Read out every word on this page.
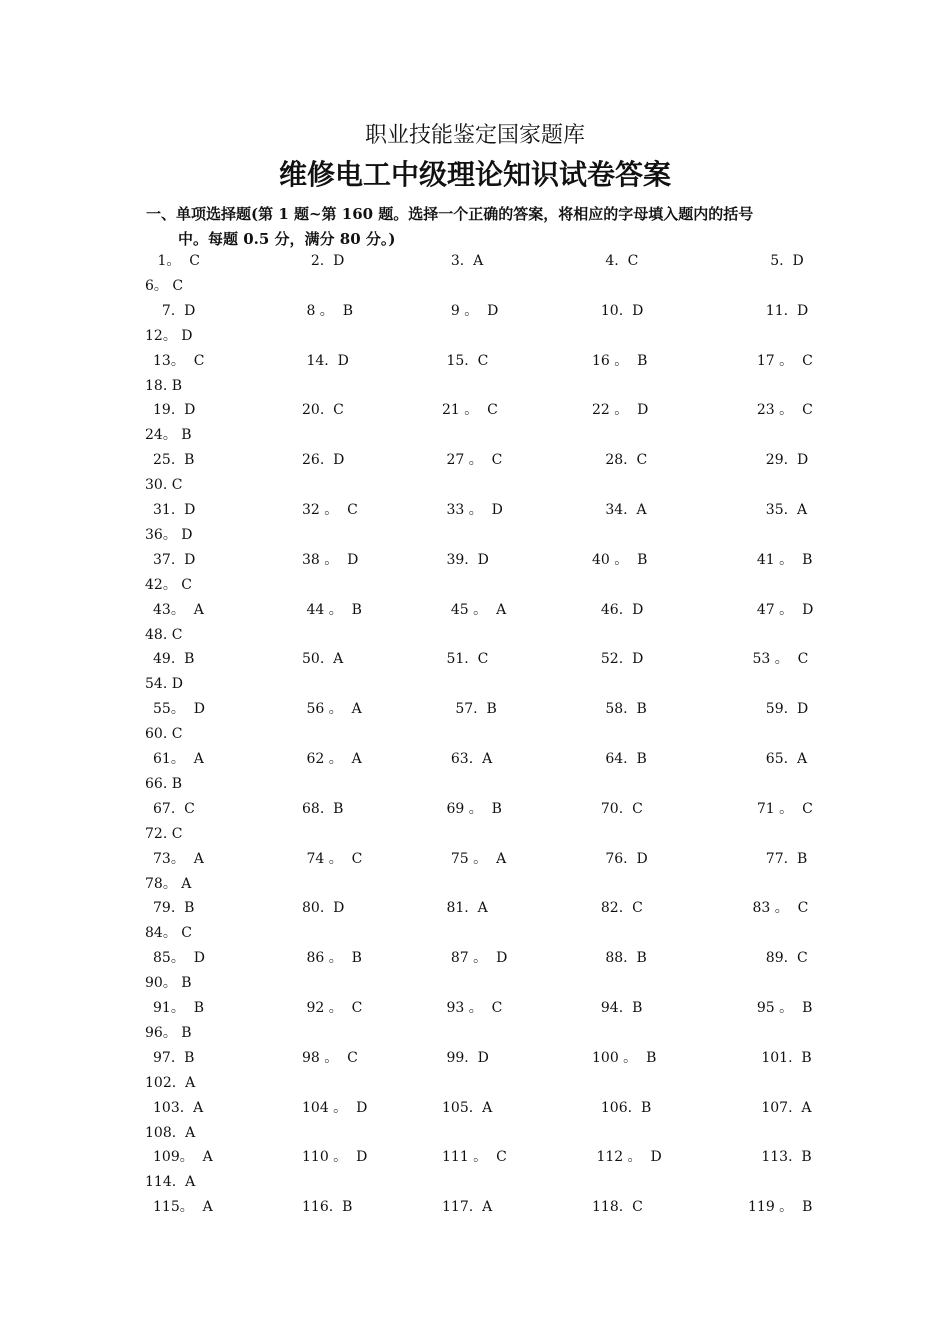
职业技能鉴定国家题库
维修电工中级理论知识试卷答案
一、单项选择题(第 1 题~第 160 题。选择一个正确的答案，将相应的字母填入题内的括号
中。每题 0.5 分，满分 80 分。)
1。  C	2.  D	3.  A	4.  C	5.  D
6。 C
7.  D	8 。  B	9 。  D	10.  D	11.  D
12。 D
13。  C	14.  D	15.  C	16 。  B	17 。  C
18. B
19.  D	20.  C	21 。  C	22 。  D	23 。  C
24。 B
25.  B	26.  D	27 。  C	28.  C	29.  D
30. C
31.  D	32 。  C	33 。  D	34.  A	35.  A
36。 D
37.  D	38 。  D	39.  D	40 。  B	41 。  B
42。 C
43。  A	44 。  B	45 。  A	46.  D	47 。  D
48. C
49.  B	50.  A	51.  C	52.  D	53 。  C
54. D
55。  D	56 。  A	57.  B	58.  B	59.  D
60. C
61。  A	62 。  A	63.  A	64.  B	65.  A
66. B
67.  C	68.  B	69 。  B	70.  C	71 。  C
72. C
73。  A	74 。  C	75 。  A	76.  D	77.  B
78。 A
79.  B	80.  D	81.  A	82.  C	83 。  C
84。 C
85。  D	86 。  B	87 。  D	88.  B	89.  C
90。 B
91。  B	92 。  C	93 。  C	94.  B	95 。  B
96。 B
97.  B	98 。  C	99.  D	100 。  B	101.  B
102.  A
103.  A	104 。  D	105.  A	106.  B	107.  A
108.  A
109。  A	110 。  D	111 。  C	112 。  D	113.  B
114.  A
115。  A	116.  B	117.  A	118.  C	119 。  B
